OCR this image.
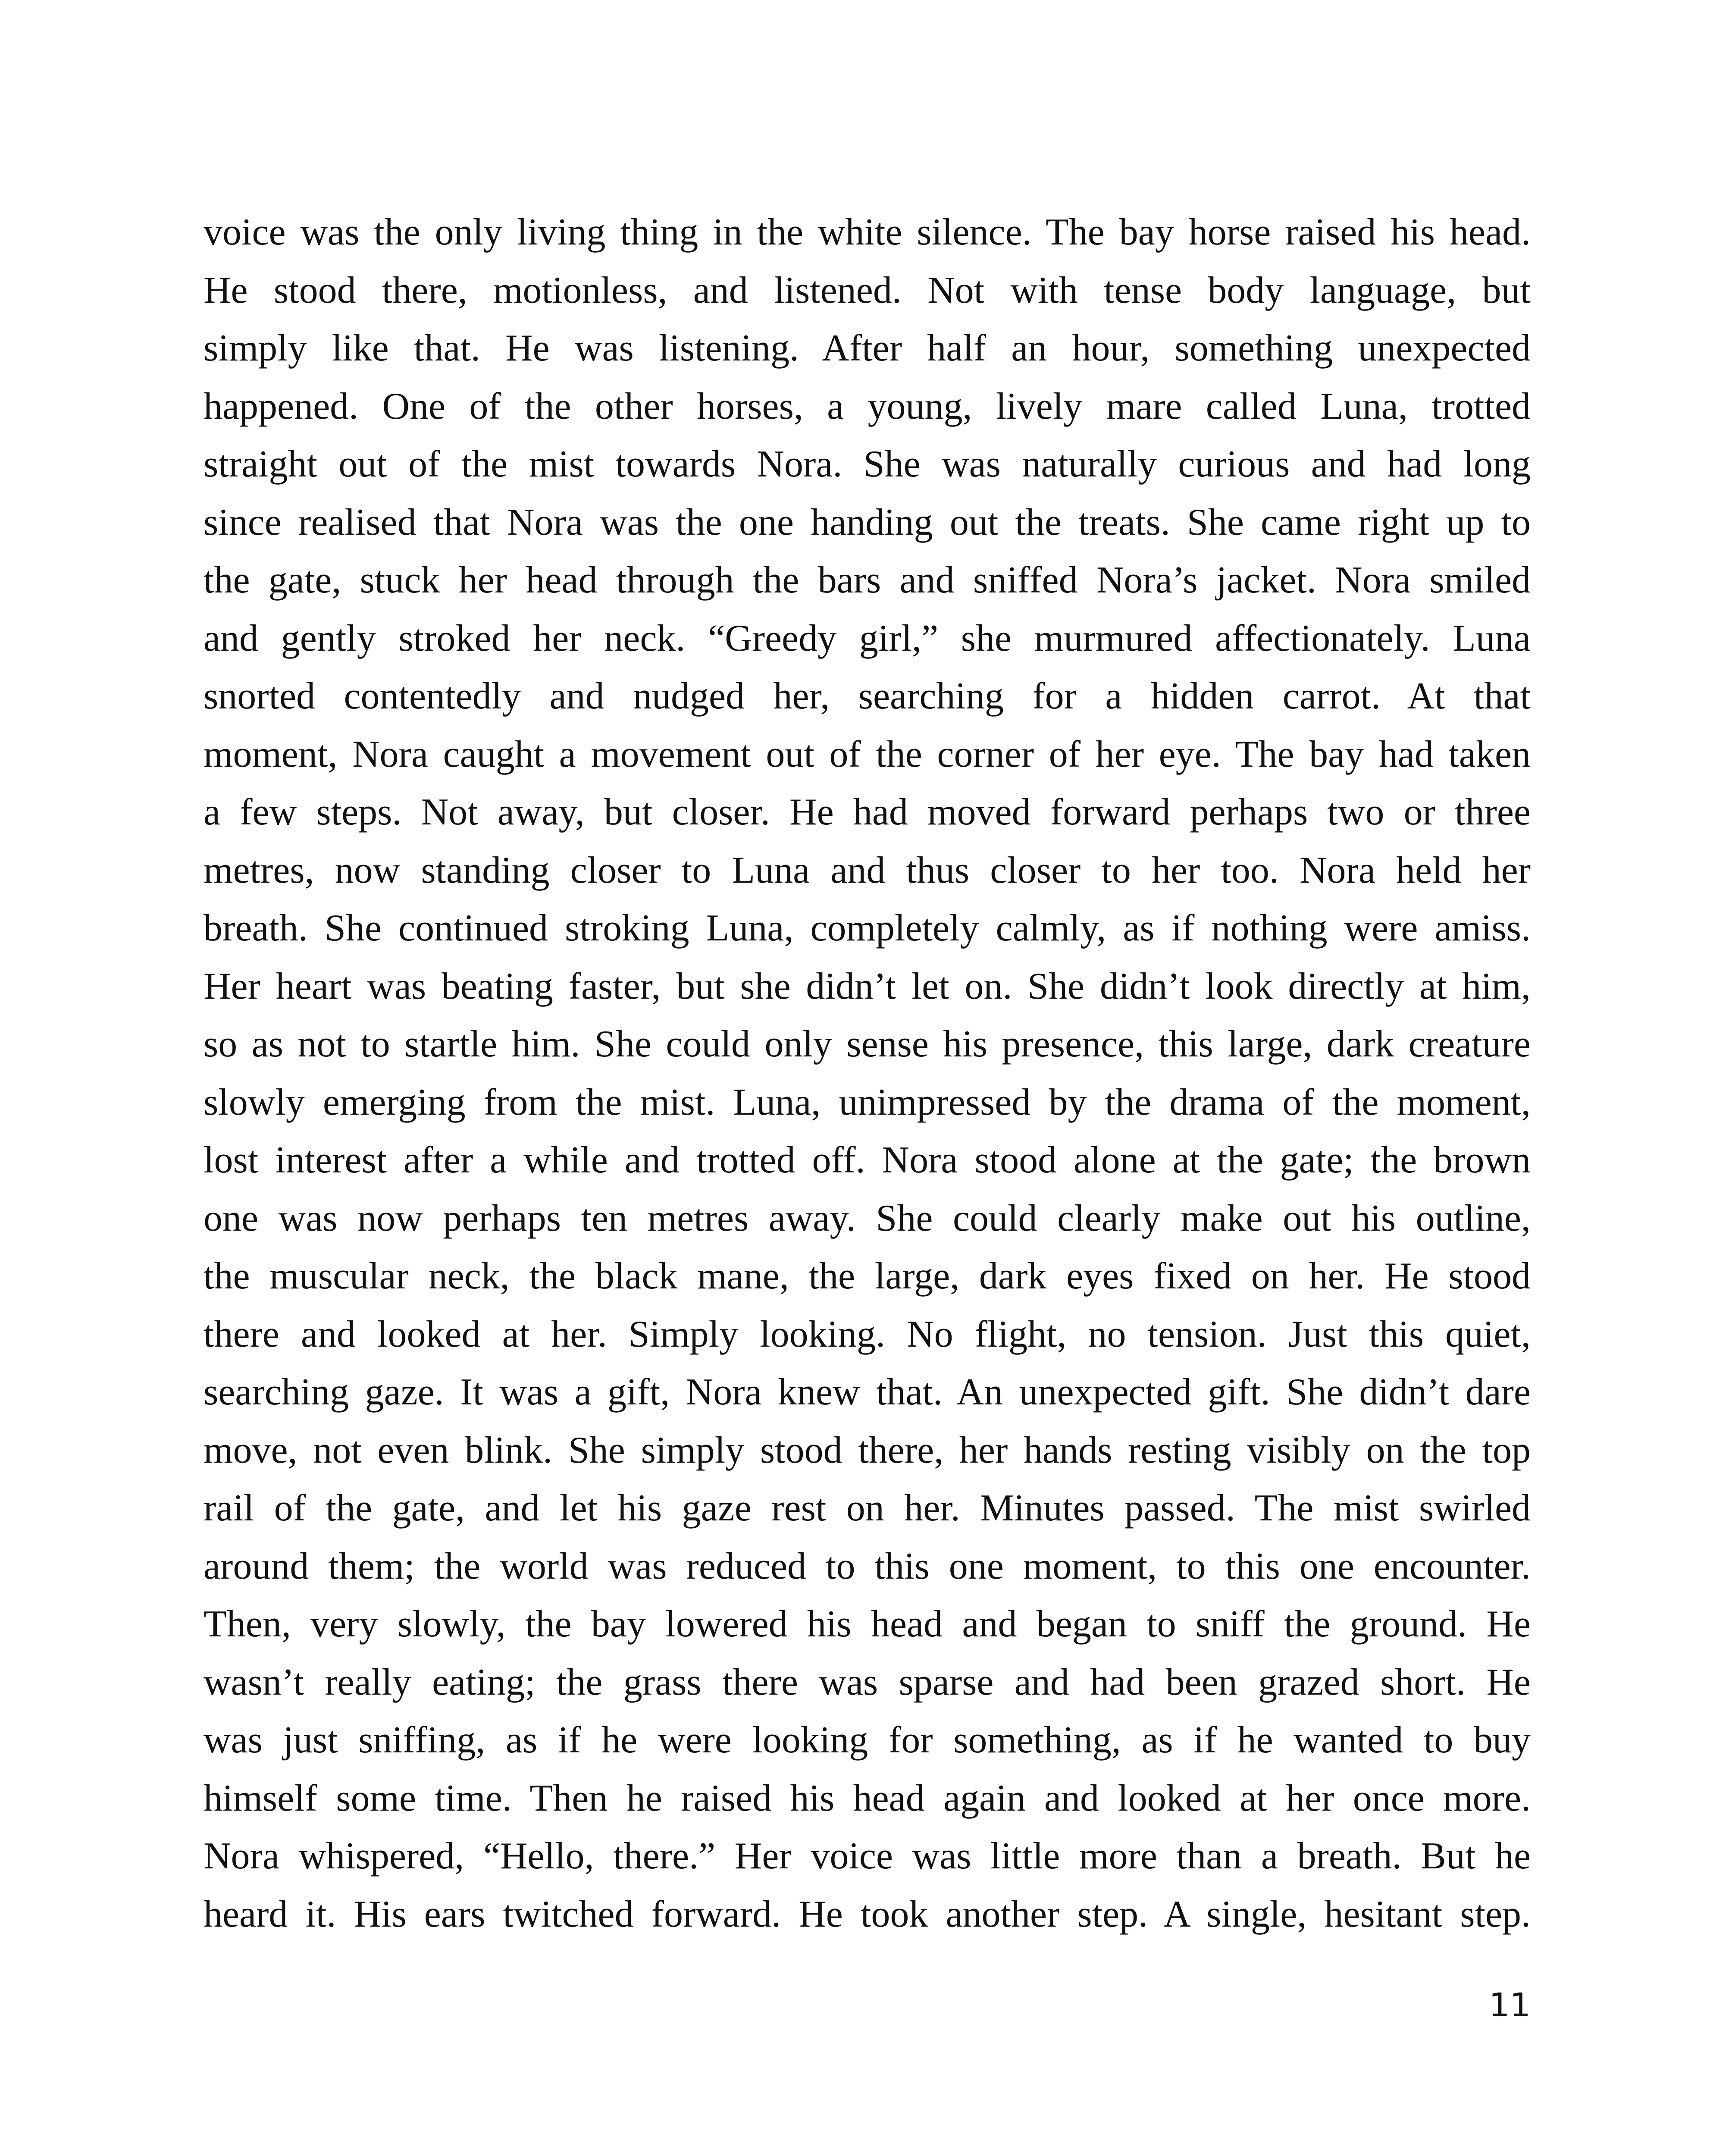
voice was the only living thing in the white silence. The bay horse raised his head.
He stood there, motionless, and listened. Not with tense body language, but
simply like that. He was listening. After half an hour, something unexpected
happened. One of the other horses, a young, lively mare called Luna, trotted
straight out of the mist towards Nora. She was naturally curious and had long
since realised that Nora was the one handing out the treats. She came right up to
the gate, stuck her head through the bars and sniffed Nora’s jacket. Nora smiled
and gently stroked her neck. “Greedy girl,” she murmured affectionately. Luna
snorted contentedly and nudged her, searching for a hidden carrot. At that
moment, Nora caught a movement out of the corner of her eye. The bay had taken
a few steps. Not away, but closer. He had moved forward perhaps two or three
metres, now standing closer to Luna and thus closer to her too. Nora held her
breath. She continued stroking Luna, completely calmly, as if nothing were amiss.
Her heart was beating faster, but she didn’t let on. She didn’t look directly at him,
so as not to startle him. She could only sense his presence, this large, dark creature
slowly emerging from the mist. Luna, unimpressed by the drama of the moment,
lost interest after a while and trotted off. Nora stood alone at the gate; the brown
one was now perhaps ten metres away. She could clearly make out his outline,
the muscular neck, the black mane, the large, dark eyes fixed on her. He stood
there and looked at her. Simply looking. No flight, no tension. Just this quiet,
searching gaze. It was a gift, Nora knew that. An unexpected gift. She didn’t dare
move, not even blink. She simply stood there, her hands resting visibly on the top
rail of the gate, and let his gaze rest on her. Minutes passed. The mist swirled
around them; the world was reduced to this one moment, to this one encounter.
Then, very slowly, the bay lowered his head and began to sniff the ground. He
wasn’t really eating; the grass there was sparse and had been grazed short. He
was just sniffing, as if he were looking for something, as if he wanted to buy
himself some time. Then he raised his head again and looked at her once more.
Nora whispered, “Hello, there.” Her voice was little more than a breath. But he
heard it. His ears twitched forward. He took another step. A single, hesitant step.
11
